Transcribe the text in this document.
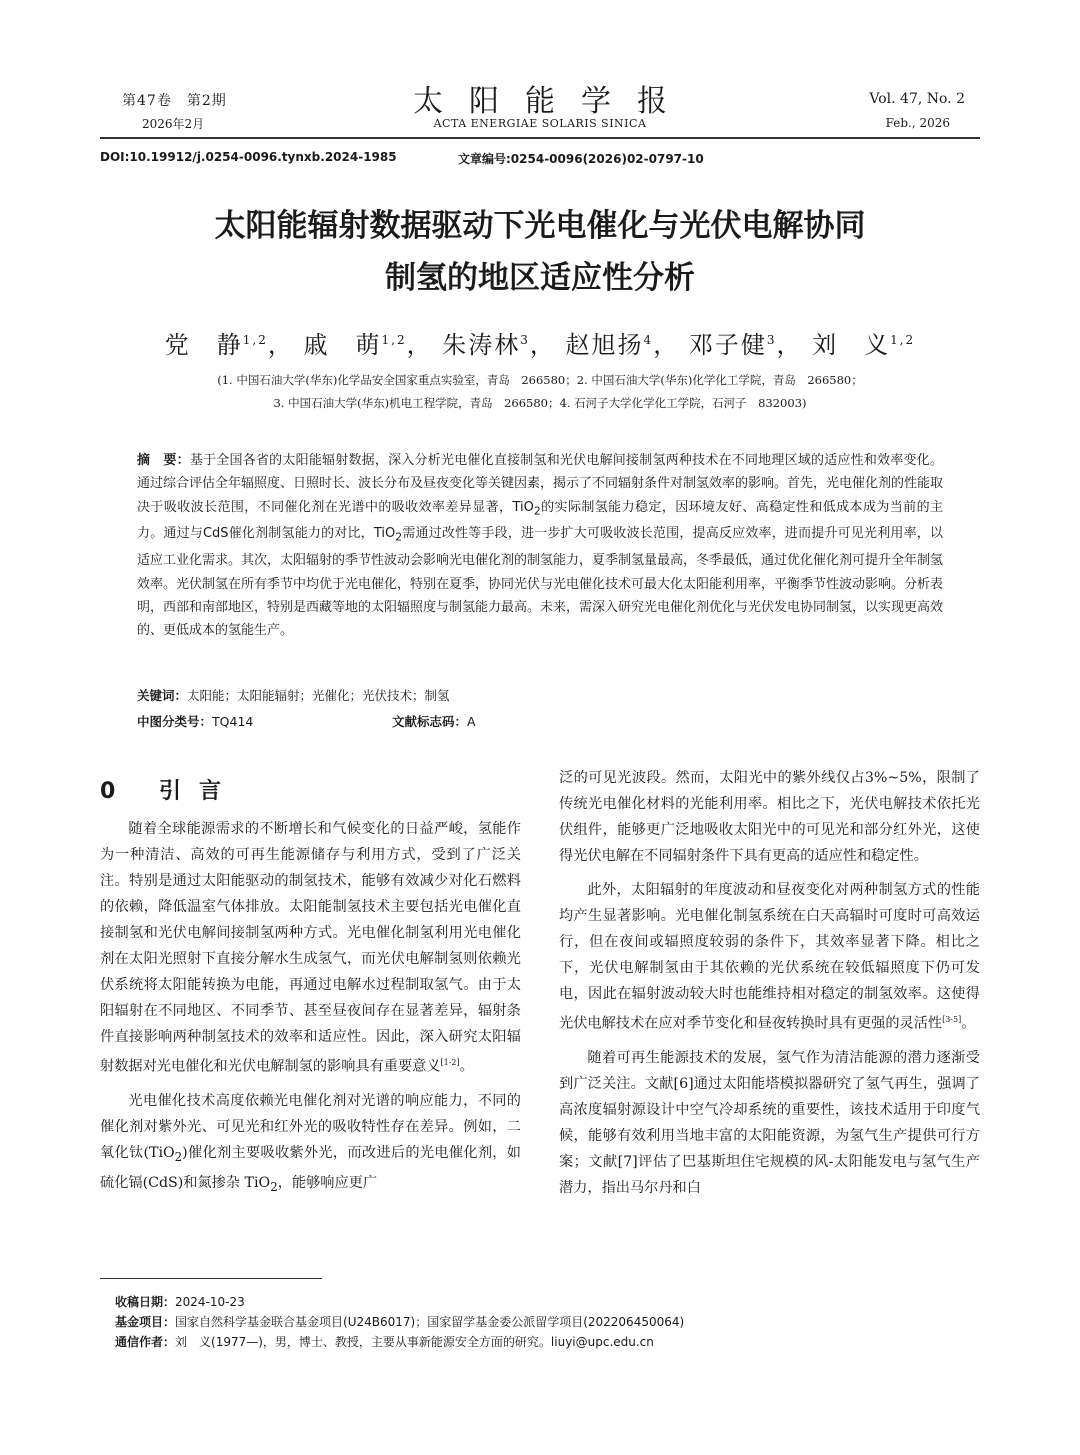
第47卷　第2期
2026年2月
太阳能学报
ACTA ENERGIAE SOLARIS SINICA
Vol. 47, No. 2
Feb., 2026
DOI:10.19912/j.0254-0096.tynxb.2024-1985	文章编号:0254-0096(2026)02-0797-10
太阳能辐射数据驱动下光电催化与光伏电解协同
制氢的地区适应性分析
党　静$^{1,2}$， 戚　萌$^{1,2}$， 朱涛林$^3$， 赵旭扬$^4$， 邓子健$^3$， 刘　义$^{1,2}$
(1. 中国石油大学(华东)化学品安全国家重点实验室，青岛　266580；2. 中国石油大学(华东)化学化工学院，青岛　266580；
3. 中国石油大学(华东)机电工程学院，青岛　266580；4. 石河子大学化学化工学院，石河子　832003)
摘　要：基于全国各省的太阳能辐射数据，深入分析光电催化直接制氢和光伏电解间接制氢两种技术在不同地理区域的适应性和效率变化。通过综合评估全年辐照度、日照时长、波长分布及昼夜变化等关键因素，揭示了不同辐射条件对制氢效率的影响。首先，光电催化剂的性能取决于吸收波长范围，不同催化剂在光谱中的吸收效率差异显著，TiO$_2$的实际制氢能力稳定，因环境友好、高稳定性和低成本成为当前的主力。通过与CdS催化剂制氢能力的对比，TiO$_2$需通过改性等手段，进一步扩大可吸收波长范围，提高反应效率，进而提升可见光利用率，以适应工业化需求。其次，太阳辐射的季节性波动会影响光电催化剂的制氢能力，夏季制氢量最高，冬季最低，通过优化催化剂可提升全年制氢效率。光伏制氢在所有季节中均优于光电催化，特别在夏季，协同光伏与光电催化技术可最大化太阳能利用率，平衡季节性波动影响。分析表明，西部和南部地区，特别是西藏等地的太阳辐照度与制氢能力最高。未来，需深入研究光电催化剂优化与光伏发电协同制氢，以实现更高效的、更低成本的氢能生产。
关键词：太阳能；太阳能辐射；光催化；光伏技术；制氢
中图分类号：TQ414	文献标志码：A
0 引言

随着全球能源需求的不断增长和气候变化的日益严峻，氢能作为一种清洁、高效的可再生能源储存与利用方式，受到了广泛关注。特别是通过太阳能驱动的制氢技术，能够有效减少对化石燃料的依赖，降低温室气体排放。太阳能制氢技术主要包括光电催化直接制氢和光伏电解间接制氢两种方式。光电催化制氢利用光电催化剂在太阳光照射下直接分解水生成氢气，而光伏电解制氢则依赖光伏系统将太阳能转换为电能，再通过电解水过程制取氢气。由于太阳辐射在不同地区、不同季节、甚至昼夜间存在显著差异，辐射条件直接影响两种制氢技术的效率和适应性。因此，深入研究太阳辐射数据对光电催化和光伏电解制氢的影响具有重要意义[1-2]。

光电催化技术高度依赖光电催化剂对光谱的响应能力，不同的催化剂对紫外光、可见光和红外光的吸收特性存在差异。例如，二氧化钛(TiO$_2$)催化剂主要吸收紫外光，而改进后的光电催化剂，如硫化镉(CdS)和氮掺杂 TiO$_2$，能够响应更广

泛的可见光波段。然而，太阳光中的紫外线仅占3%~5%，限制了传统光电催化材料的光能利用率。相比之下，光伏电解技术依托光伏组件，能够更广泛地吸收太阳光中的可见光和部分红外光，这使得光伏电解在不同辐射条件下具有更高的适应性和稳定性。

此外，太阳辐射的年度波动和昼夜变化对两种制氢方式的性能均产生显著影响。光电催化制氢系统在白天高辐时可度时可高效运行，但在夜间或辐照度较弱的条件下，其效率显著下降。相比之下，光伏电解制氢由于其依赖的光伏系统在较低辐照度下仍可发电，因此在辐射波动较大时也能维持相对稳定的制氢效率。这使得光伏电解技术在应对季节变化和昼夜转换时具有更强的灵活性[3-5]。

随着可再生能源技术的发展，氢气作为清洁能源的潜力逐渐受到广泛关注。文献[6]通过太阳能塔模拟器研究了氢气再生，强调了高浓度辐射源设计中空气冷却系统的重要性，该技术适用于印度气候，能够有效利用当地丰富的太阳能资源，为氢气生产提供可行方案；文献[7]评估了巴基斯坦住宅规模的风-太阳能发电与氢气生产潜力，指出马尔丹和白

收稿日期：2024-10-23
基金项目：国家自然科学基金联合基金项目(U24B6017)；国家留学基金委公派留学项目(202206450064)
通信作者：刘　义(1977—)，男，博士、教授，主要从事新能源安全方面的研究。liuyi@upc.edu.cn
